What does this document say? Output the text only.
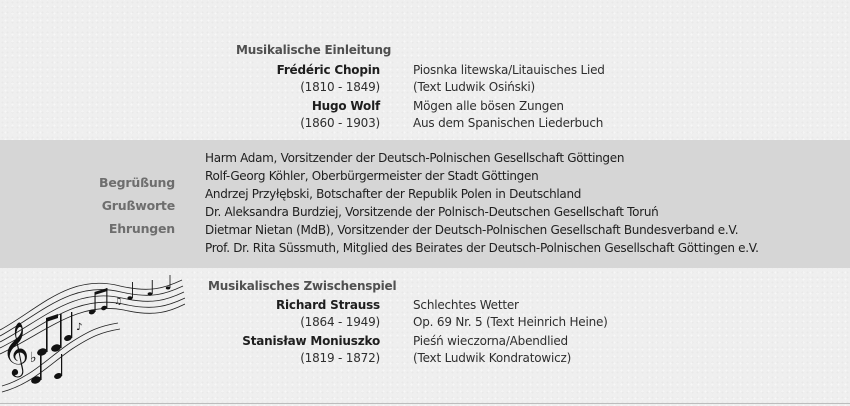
Musikalische Einleitung
Frédéric Chopin
(1810 - 1849)
Piosnka litewska/Litauisches Lied
(Text Ludwik Osiński)
Hugo Wolf
(1860 - 1903)
Mögen alle bösen Zungen
Aus dem Spanischen Liederbuch
Begrüßung
Grußworte
Ehrungen
Harm Adam, Vorsitzender der Deutsch-Polnischen Gesellschaft Göttingen
Rolf-Georg Köhler, Oberbürgermeister der Stadt Göttingen
Andrzej Przyłębski, Botschafter der Republik Polen in Deutschland
Dr. Aleksandra Burdziej, Vorsitzende der Polnisch-Deutschen Gesellschaft Toruń
Dietmar Nietan (MdB), Vorsitzender der Deutsch-Polnischen Gesellschaft Bundesverband e.V.
Prof. Dr. Rita Süssmuth, Mitglied des Beirates der Deutsch-Polnischen Gesellschaft Göttingen e.V.
Musikalisches Zwischenspiel
Richard Strauss
(1864 - 1949)
Schlechtes Wetter
Op. 69 Nr. 5 (Text Heinrich Heine)
Stanisław Moniuszko
(1819 - 1872)
Pieśń wieczorna/Abendlied
(Text Ludwik Kondratowicz)
𝄞 ♭
♪
♫
